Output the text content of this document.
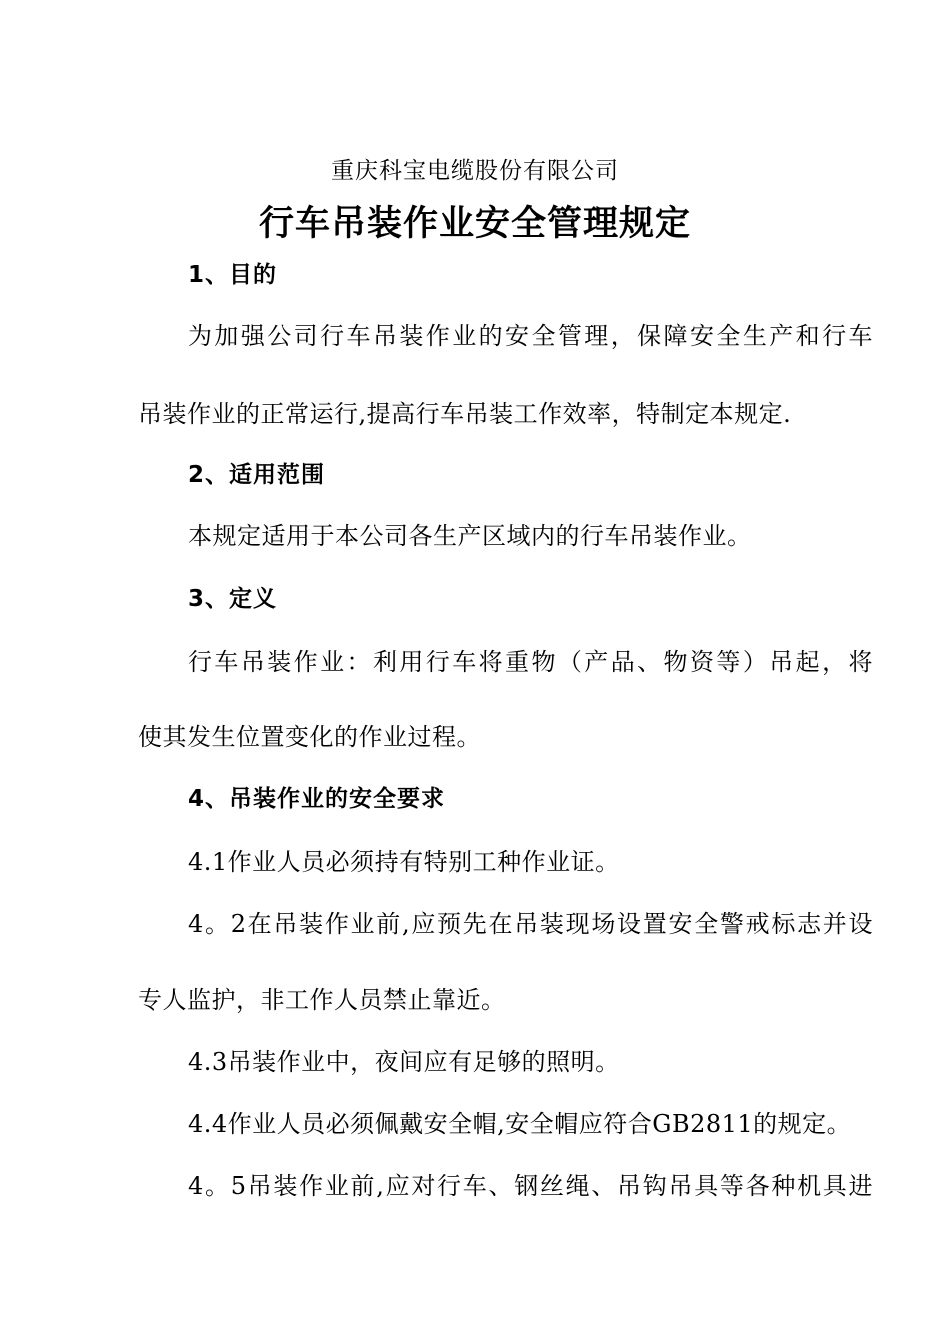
重庆科宝电缆股份有限公司
行车吊装作业安全管理规定
1、目的
为加强公司行车吊装作业的安全管理，保障安全生产和行车
吊装作业的正常运行,提高行车吊装工作效率，特制定本规定.
2、适用范围
本规定适用于本公司各生产区域内的行车吊装作业。
3、定义
行车吊装作业：利用行车将重物（产品、物资等）吊起，将
使其发生位置变化的作业过程。
4、吊装作业的安全要求
4.1作业人员必须持有特别工种作业证。
4。2在吊装作业前,应预先在吊装现场设置安全警戒标志并设
专人监护，非工作人员禁止靠近。
4.3吊装作业中，夜间应有足够的照明。
4.4作业人员必须佩戴安全帽,安全帽应符合GB2811的规定。
4。5吊装作业前,应对行车、钢丝绳、吊钩吊具等各种机具进
